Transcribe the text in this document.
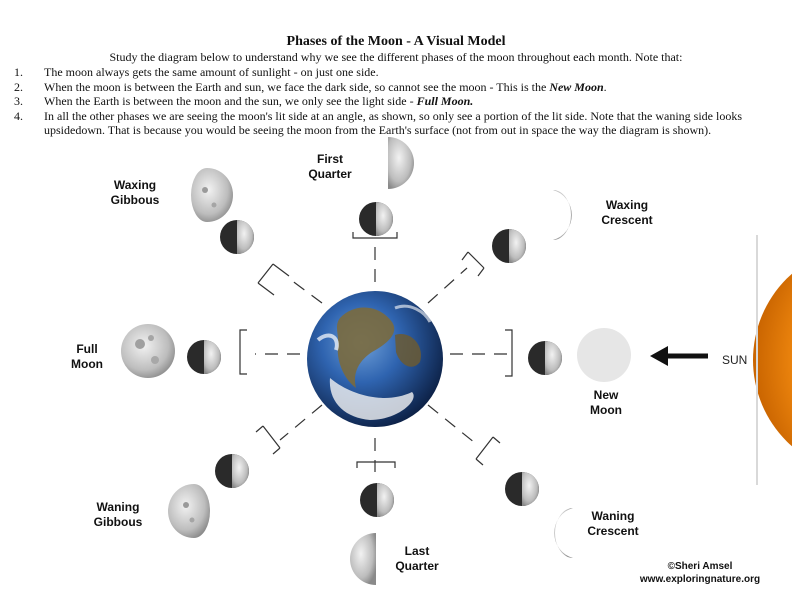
Phases of the Moon - A Visual Model
Study the diagram below to understand why we see the different phases of the moon throughout each month. Note that:
1. The moon always gets the same amount of sunlight - on just one side.
2. When the moon is between the Earth and sun, we face the dark side, so cannot see the moon - This is the New Moon.
3. When the Earth is between the moon and the sun, we only see the light side - Full Moon.
4. In all the other phases we are seeing the moon's lit side at an angle, as shown, so only see a portion of the lit side. Note that the waning side looks upsidedown. That is because you would be seeing the moon from the Earth's surface (not from out in space the way the diagram is shown).
SUN
First
Quarter
Waxing
Crescent
Waxing
Gibbous
Full
Moon
New
Moon
Waning
Gibbous	Waning
Crescent
Last
Quarter	©Sheri Amsel
www.exploringnature.org
